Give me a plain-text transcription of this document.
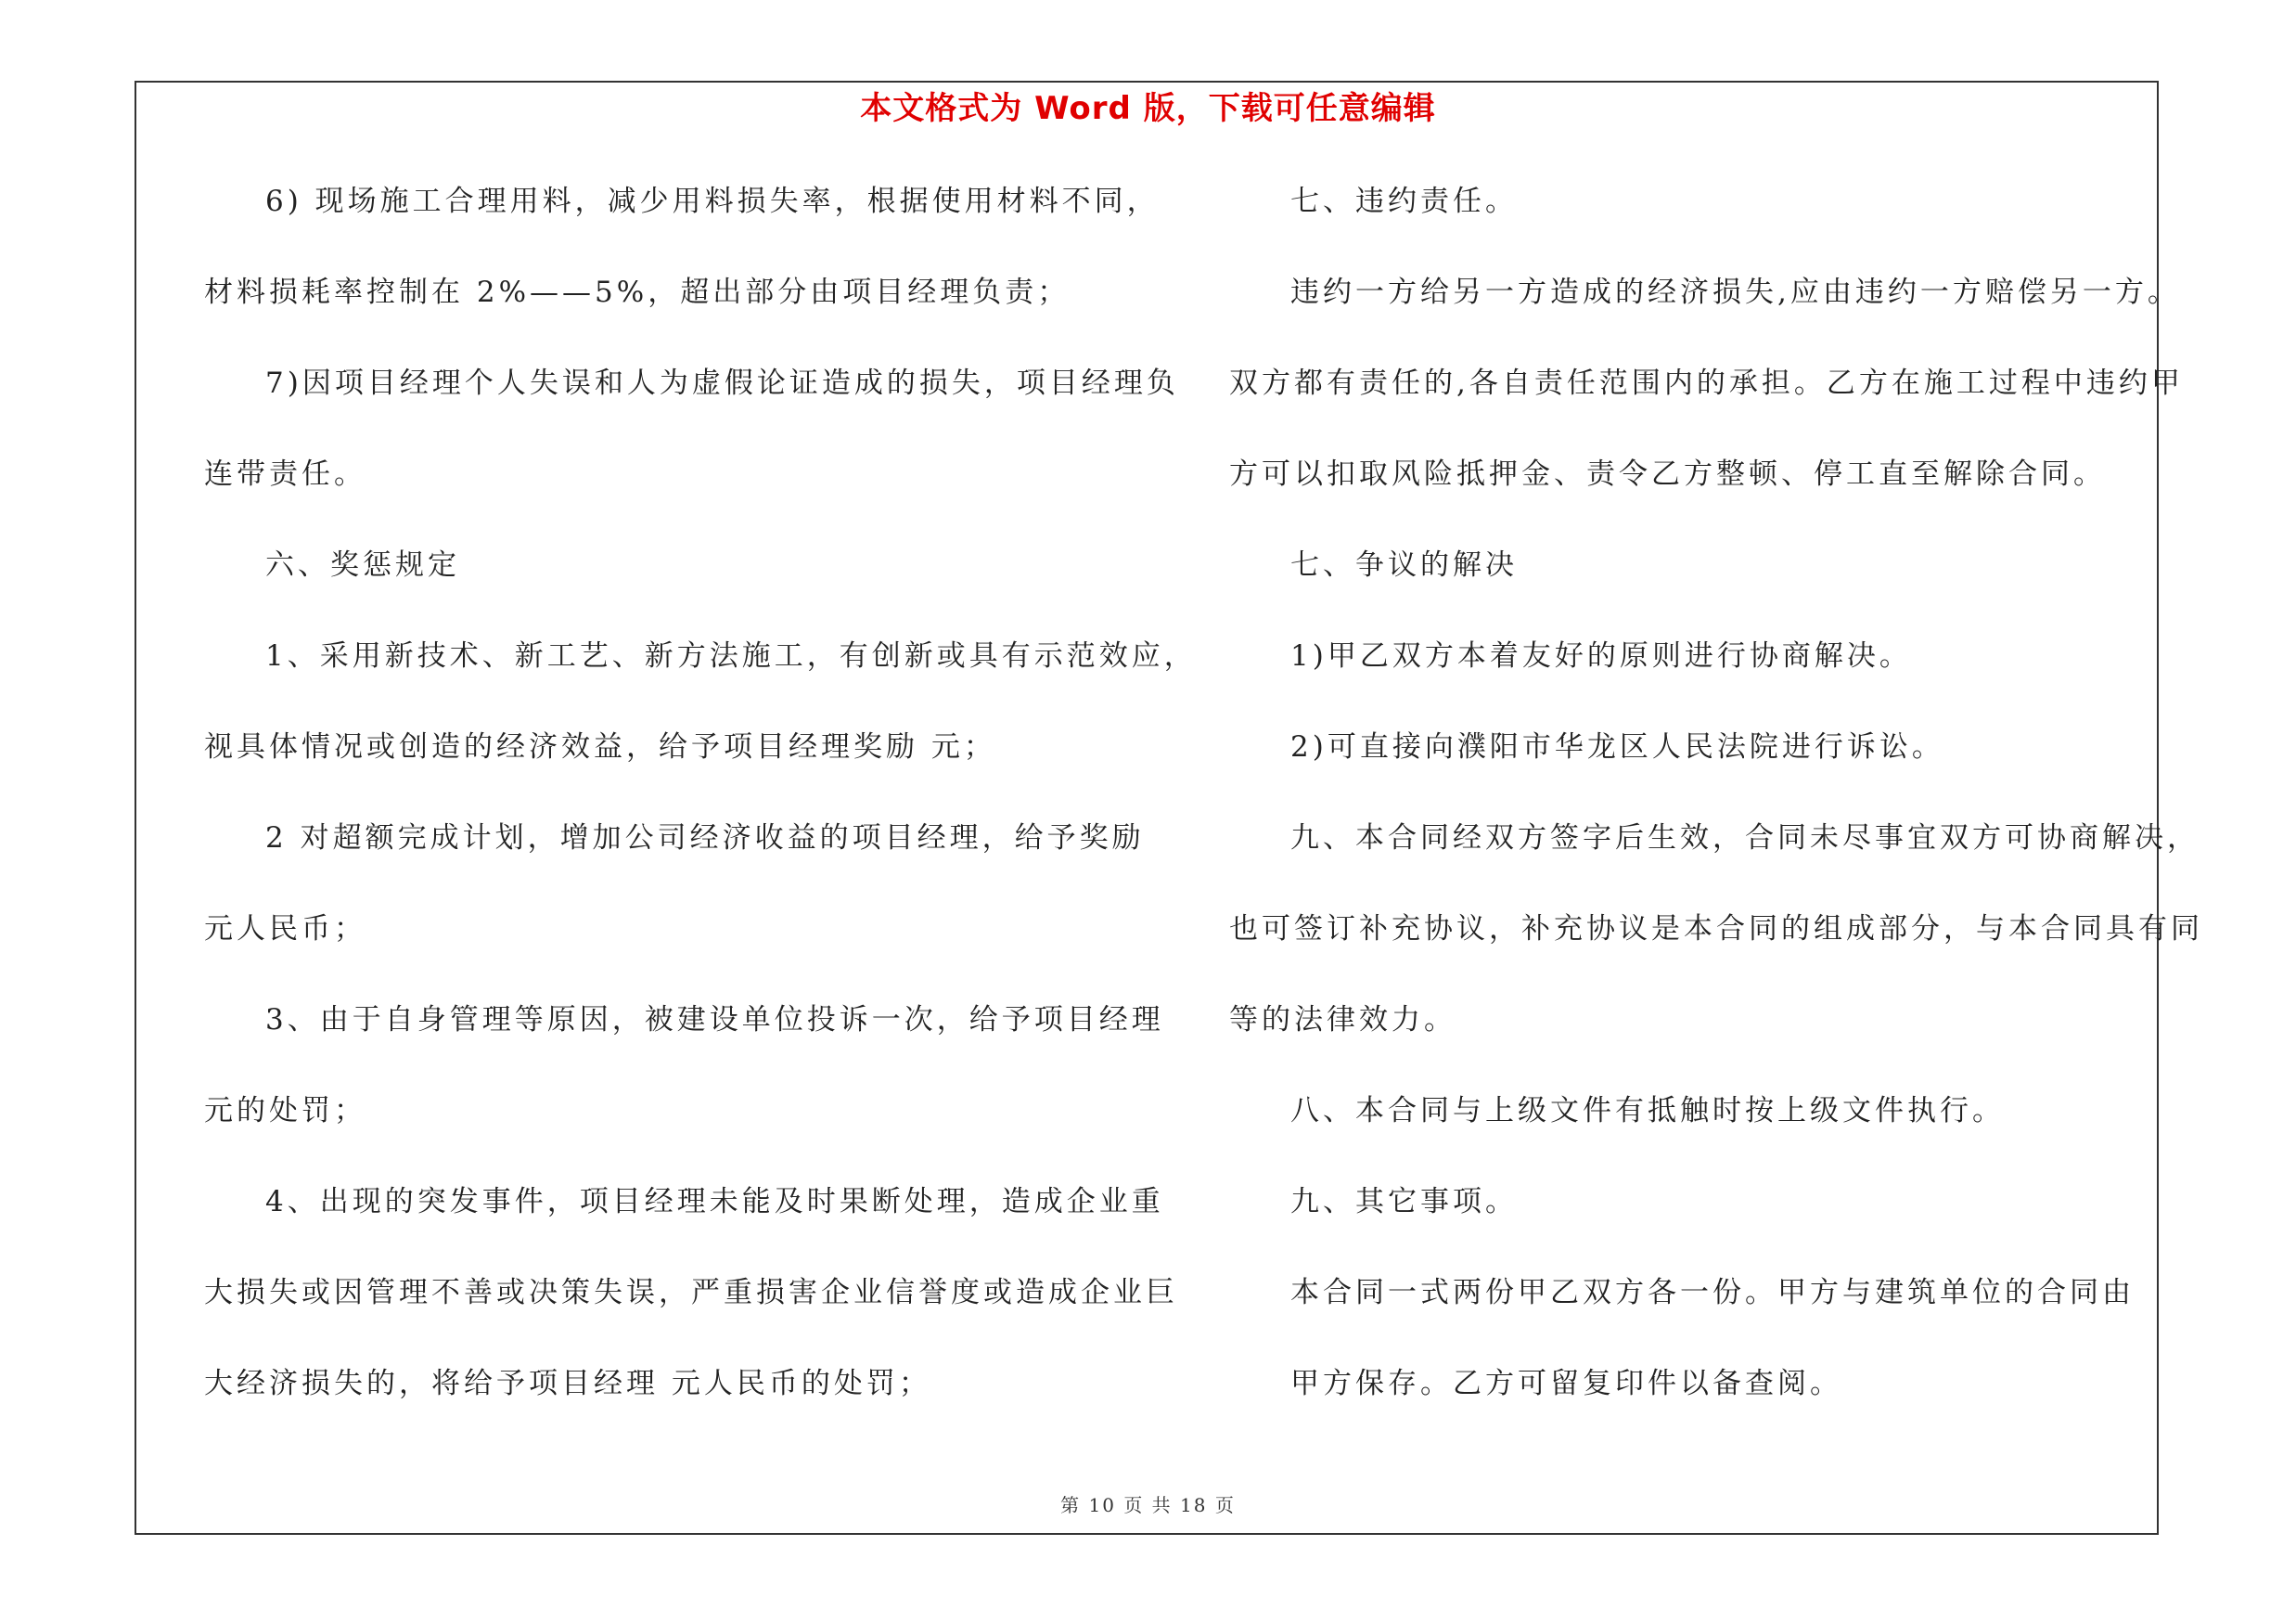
本文格式为 Word 版，下载可任意编辑
6) 现场施工合理用料，减少用料损失率，根据使用材料不同，
材料损耗率控制在 2%——5%，超出部分由项目经理负责；
7)因项目经理个人失误和人为虚假论证造成的损失，项目经理负
连带责任。
六、奖惩规定
1、采用新技术、新工艺、新方法施工，有创新或具有示范效应，
视具体情况或创造的经济效益，给予项目经理奖励 元；
2 对超额完成计划，增加公司经济收益的项目经理，给予奖励
元人民币；
3、由于自身管理等原因，被建设单位投诉一次，给予项目经理
元的处罚；
4、出现的突发事件，项目经理未能及时果断处理，造成企业重
大损失或因管理不善或决策失误，严重损害企业信誉度或造成企业巨
大经济损失的，将给予项目经理 元人民币的处罚；
七、违约责任。
违约一方给另一方造成的经济损失,应由违约一方赔偿另一方。
双方都有责任的,各自责任范围内的承担。乙方在施工过程中违约甲
方可以扣取风险抵押金、责令乙方整顿、停工直至解除合同。
七、争议的解决
1)甲乙双方本着友好的原则进行协商解决。
2)可直接向濮阳市华龙区人民法院进行诉讼。
九、本合同经双方签字后生效，合同未尽事宜双方可协商解决，
也可签订补充协议，补充协议是本合同的组成部分，与本合同具有同
等的法律效力。
八、本合同与上级文件有抵触时按上级文件执行。
九、其它事项。
本合同一式两份甲乙双方各一份。甲方与建筑单位的合同由
甲方保存。乙方可留复印件以备查阅。
第 10 页 共 18 页
